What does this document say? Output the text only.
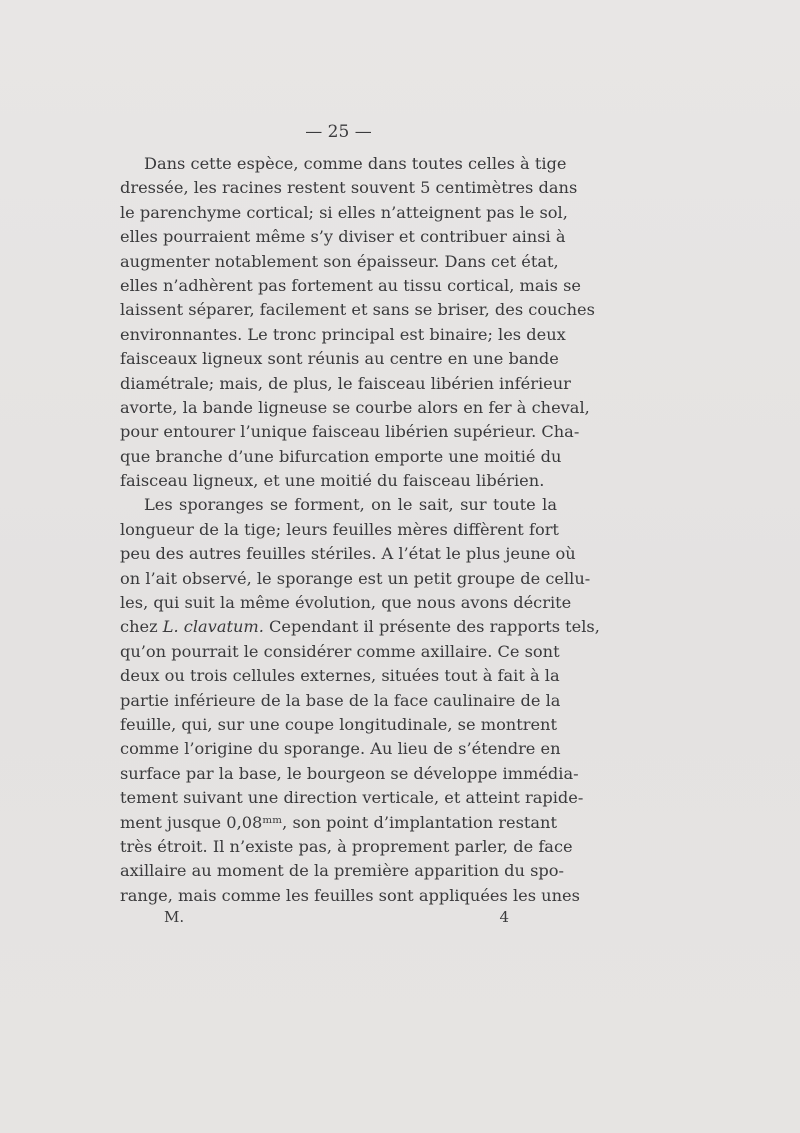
— 25 —
Dans cette espèce, comme dans toutes celles à tige
dressée, les racines restent souvent 5 centimètres dans
le parenchyme cortical; si elles n’atteignent pas le sol,
elles pourraient même s’y diviser et contribuer ainsi à
augmenter notablement son épaisseur. Dans cet état,
elles n’adhèrent pas fortement au tissu cortical, mais se
laissent séparer, facilement et sans se briser, des couches
environnantes. Le tronc principal est binaire; les deux
faisceaux ligneux sont réunis au centre en une bande
diamétrale; mais, de plus, le faisceau libérien inférieur
avorte, la bande ligneuse se courbe alors en fer à cheval,
pour entourer l’unique faisceau libérien supérieur. Cha-
que branche d’une bifurcation emporte une moitié du
faisceau ligneux, et une moitié du faisceau libérien.
Les sporanges se forment, on le sait, sur toute la
longueur de la tige; leurs feuilles mères diffèrent fort
peu des autres feuilles stériles. A l’état le plus jeune où
on l’ait observé, le sporange est un petit groupe de cellu-
les, qui suit la même évolution, que nous avons décrite
chez L. clavatum. Cependant il présente des rapports tels,
qu’on pourrait le considérer comme axillaire. Ce sont
deux ou trois cellules externes, situées tout à fait à la
partie inférieure de la base de la face caulinaire de la
feuille, qui, sur une coupe longitudinale, se montrent
comme l’origine du sporange. Au lieu de s’étendre en
surface par la base, le bourgeon se développe immédia-
tement suivant une direction verticale, et atteint rapide-
ment jusque 0,08ᵐᵐ, son point d’implantation restant
très étroit. Il n’existe pas, à proprement parler, de face
axillaire au moment de la première apparition du spo-
range, mais comme les feuilles sont appliquées les unes
M.	4
